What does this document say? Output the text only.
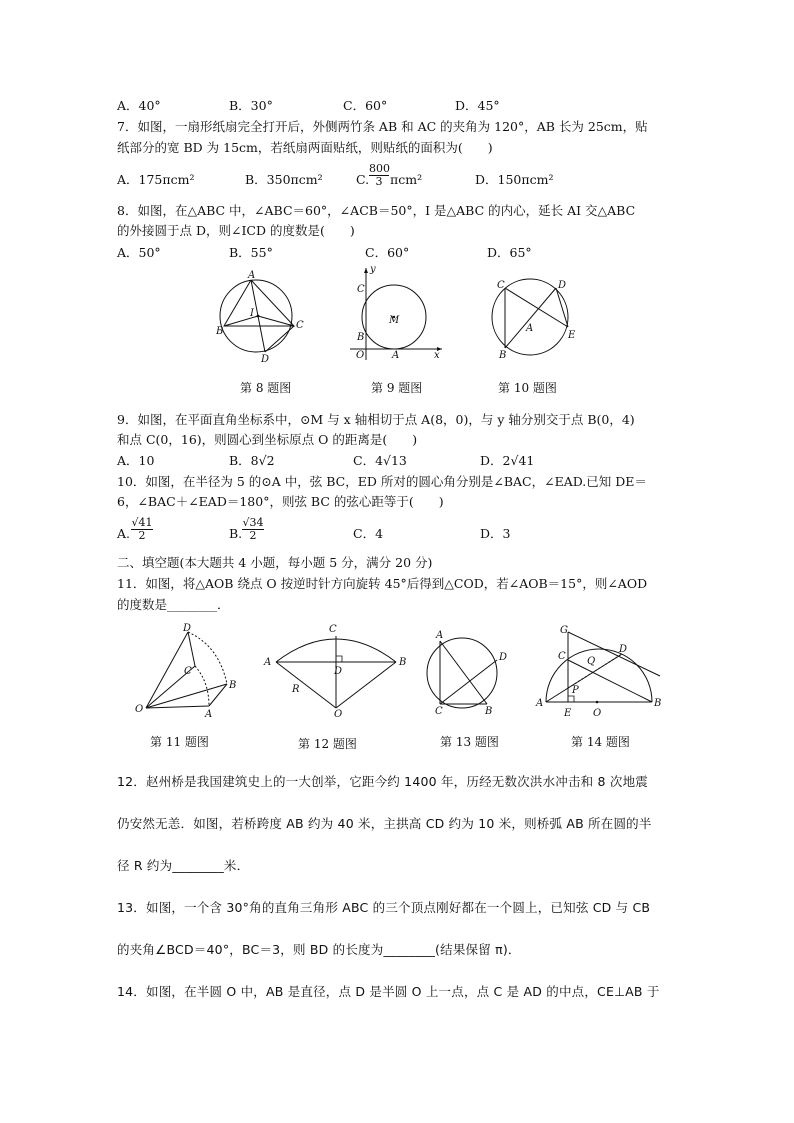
A．40°	B．30°	C．60°	D．45°
7．如图，一扇形纸扇完全打开后，外侧两竹条 AB 和 AC 的夹角为 120°，AB 长为 25cm，贴
纸部分的宽 BD 为 15cm，若纸扇两面贴纸，则贴纸的面积为(　　)
A．175πcm²	B．350πcm²	C. $\frac{800}{3} \pi cm^2$	D．150πcm²
8．如图，在△ABC 中，∠ABC＝60°，∠ACB＝50°，I 是△ABC 的内心，延长 AI 交△ABC
的外接圆于点 D，则∠ICD 的度数是(　　)
A．50°	B．55°	C．60°	D．65°
A
B
C
D
I
y
C
M
B
O	A	x
C	D
A
E
B
第 8 题图	第 9 题图	第 10 题图
9．如图，在平面直角坐标系中，⊙M 与 x 轴相切于点 A(8，0)，与 y 轴分别交于点 B(0，4)
和点 C(0，16)，则圆心到坐标原点 O 的距离是(　　)
A．10	B．8√2	C．4√13	D．2√41
10．如图，在半径为 5 的⊙A 中，弦 BC，ED 所对的圆心角分别是∠BAC，∠EAD.已知 DE＝
6，∠BAC＋∠EAD＝180°，则弦 BC 的弦心距等于(　　)
A. $\frac{√41}{2}$	B. $\frac{√34}{2}$	C．4	D．3
二、填空题(本大题共 4 小题，每小题 5 分，满分 20 分)
11．如图，将△AOB 绕点 O 按逆时针方向旋转 45°后得到△COD，若∠AOB＝15°，则∠AOD
的度数是________．
D
C
B
O	A
C
A
D
B
R
O
A
D
C	B
G
C Q
D
P
A
E O
B
第 11 题图	第 12 题图	第 13 题图	第 14 题图
12．赵州桥是我国建筑史上的一大创举，它距今约 1400 年，历经无数次洪水冲击和 8 次地震
仍安然无恙．如图，若桥跨度 AB 约为 40 米，主拱高 CD 约为 10 米，则桥弧 AB 所在圆的半
径 R 约为________米．
13．如图，一个含 30°角的直角三角形 ABC 的三个顶点刚好都在一个圆上，已知弦 CD 与 CB
的夹角∠BCD＝40°，BC＝3，则 BD 的长度为________(结果保留 π)．
14．如图，在半圆 O 中，AB 是直径，点 D 是半圆 O 上一点，点 C 是 AD 的中点，CE⊥AB 于
